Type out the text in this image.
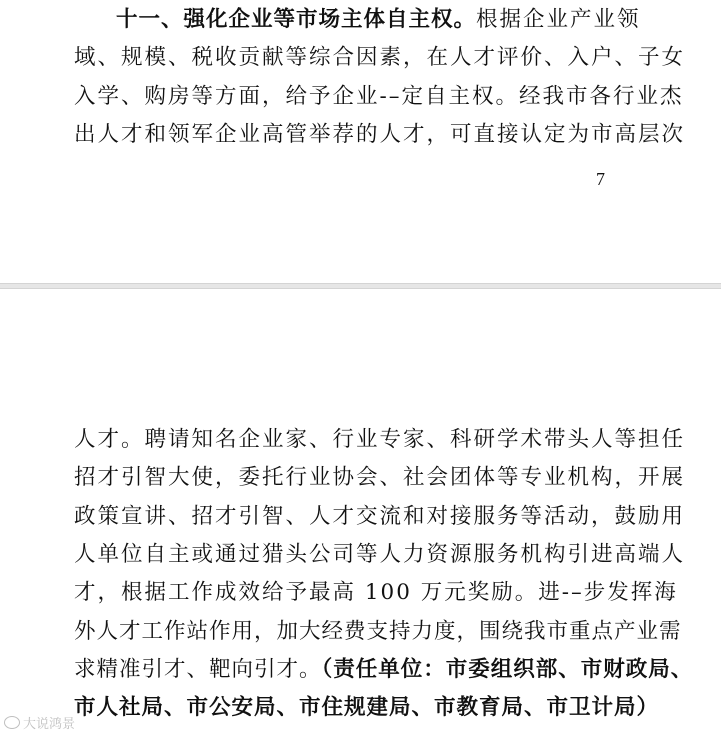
十一、强化企业等市场主体自主权。根据企业产业领
域、规模、税收贡献等综合因素，在人才评价、入户、子女
入学、购房等方面，给予企业-–定自主权。经我市各行业杰
出人才和领军企业高管举荐的人才，可直接认定为市高层次
7
人才。聘请知名企业家、行业专家、科研学术带头人等担任
招才引智大使，委托行业协会、社会团体等专业机构，开展
政策宣讲、招才引智、人才交流和对接服务等活动，鼓励用
人单位自主或通过猎头公司等人力资源服务机构引进高端人
才，根据工作成效给予最高 100 万元奖励。进-–步发挥海
外人才工作站作用，加大经费支持力度，围绕我市重点产业需
求精准引才、靶向引才。（责任单位：市委组织部、市财政局、
市人社局、市公安局、市住规建局、市教育局、市卫计局）
大说鸿景
